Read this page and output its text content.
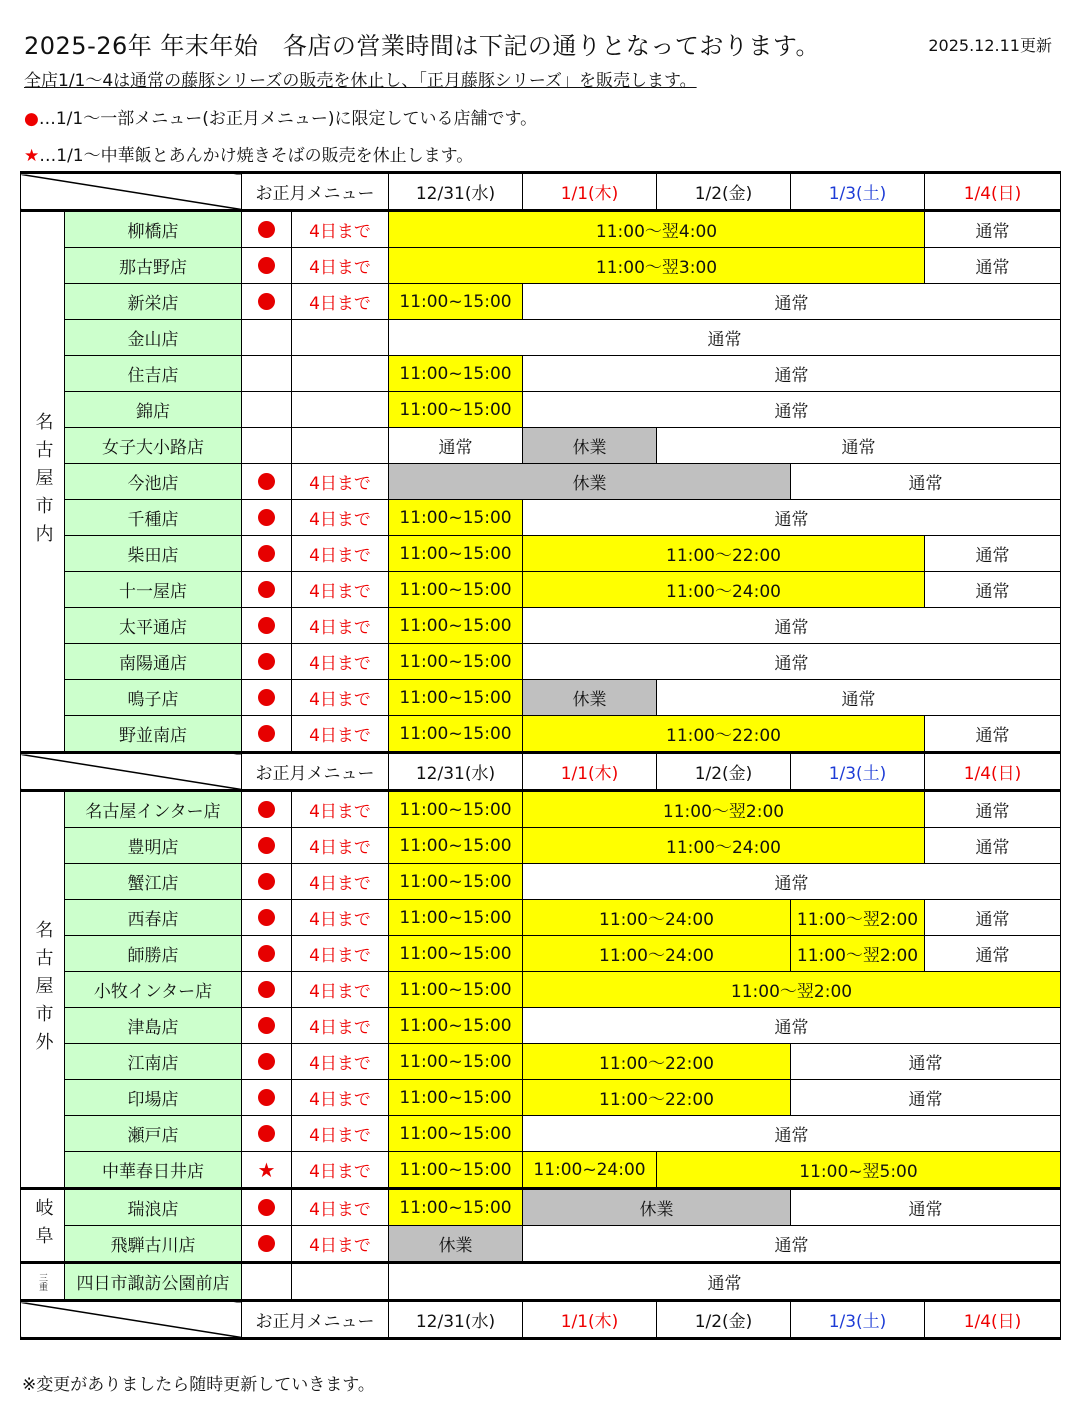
2025-26年 年末年始　各店の営業時間は下記の通りとなっております。	2025.12.11更新
全店1/1～4は通常の藤豚シリーズの販売を休止し、「正月藤豚シリーズ」を販売します。
●…1/1～一部メニュー(お正月メニュー)に限定している店舗です。
★…1/1～中華飯とあんかけ焼きそばの販売を休止します。
		お正月メニュー		12/31(水)	1/1(木)	1/2(金)	1/3(土)	1/4(日)
名古屋市内	柳橋店		4日まで	11:00～翌4:00				通常
	那古野店		4日まで	11:00～翌3:00				通常
	新栄店		4日まで	11:00~15:00	通常			
	金山店			通常				
	住吉店			11:00~15:00	通常			
	錦店			11:00~15:00	通常			
	女子大小路店			通常	休業	通常		
	今池店		4日まで	休業			通常	
	千種店		4日まで	11:00~15:00	通常			
	柴田店		4日まで	11:00~15:00	11:00～22:00			通常
	十一屋店		4日まで	11:00~15:00	11:00～24:00			通常
	太平通店		4日まで	11:00~15:00	通常			
	南陽通店		4日まで	11:00~15:00	通常			
	鳴子店		4日まで	11:00~15:00	休業	通常		
	野並南店		4日まで	11:00~15:00	11:00～22:00			通常
		お正月メニュー		12/31(水)	1/1(木)	1/2(金)	1/3(土)	1/4(日)
名古屋市外	名古屋インター店		4日まで	11:00~15:00	11:00～翌2:00			通常
	豊明店		4日まで	11:00~15:00	11:00～24:00			通常
	蟹江店		4日まで	11:00~15:00	通常			
	西春店		4日まで	11:00~15:00	11:00～24:00		11:00～翌2:00	通常
	師勝店		4日まで	11:00~15:00	11:00～24:00		11:00～翌2:00	通常
	小牧インター店		4日まで	11:00~15:00	11:00～翌2:00			
	津島店		4日まで	11:00~15:00	通常			
	江南店		4日まで	11:00~15:00	11:00～22:00		通常	
	印場店		4日まで	11:00~15:00	11:00～22:00		通常	
	瀬戸店		4日まで	11:00~15:00	通常			
	中華春日井店	★	4日まで	11:00~15:00	11:00~24:00	11:00~翌5:00		
岐阜	瑞浪店		4日まで	11:00~15:00	休業		通常	
	飛騨古川店		4日まで	休業	通常			
三重	四日市諏訪公園前店			通常				
		お正月メニュー		12/31(水)	1/1(木)	1/2(金)	1/3(土)	1/4(日)
※変更がありましたら随時更新していきます。
